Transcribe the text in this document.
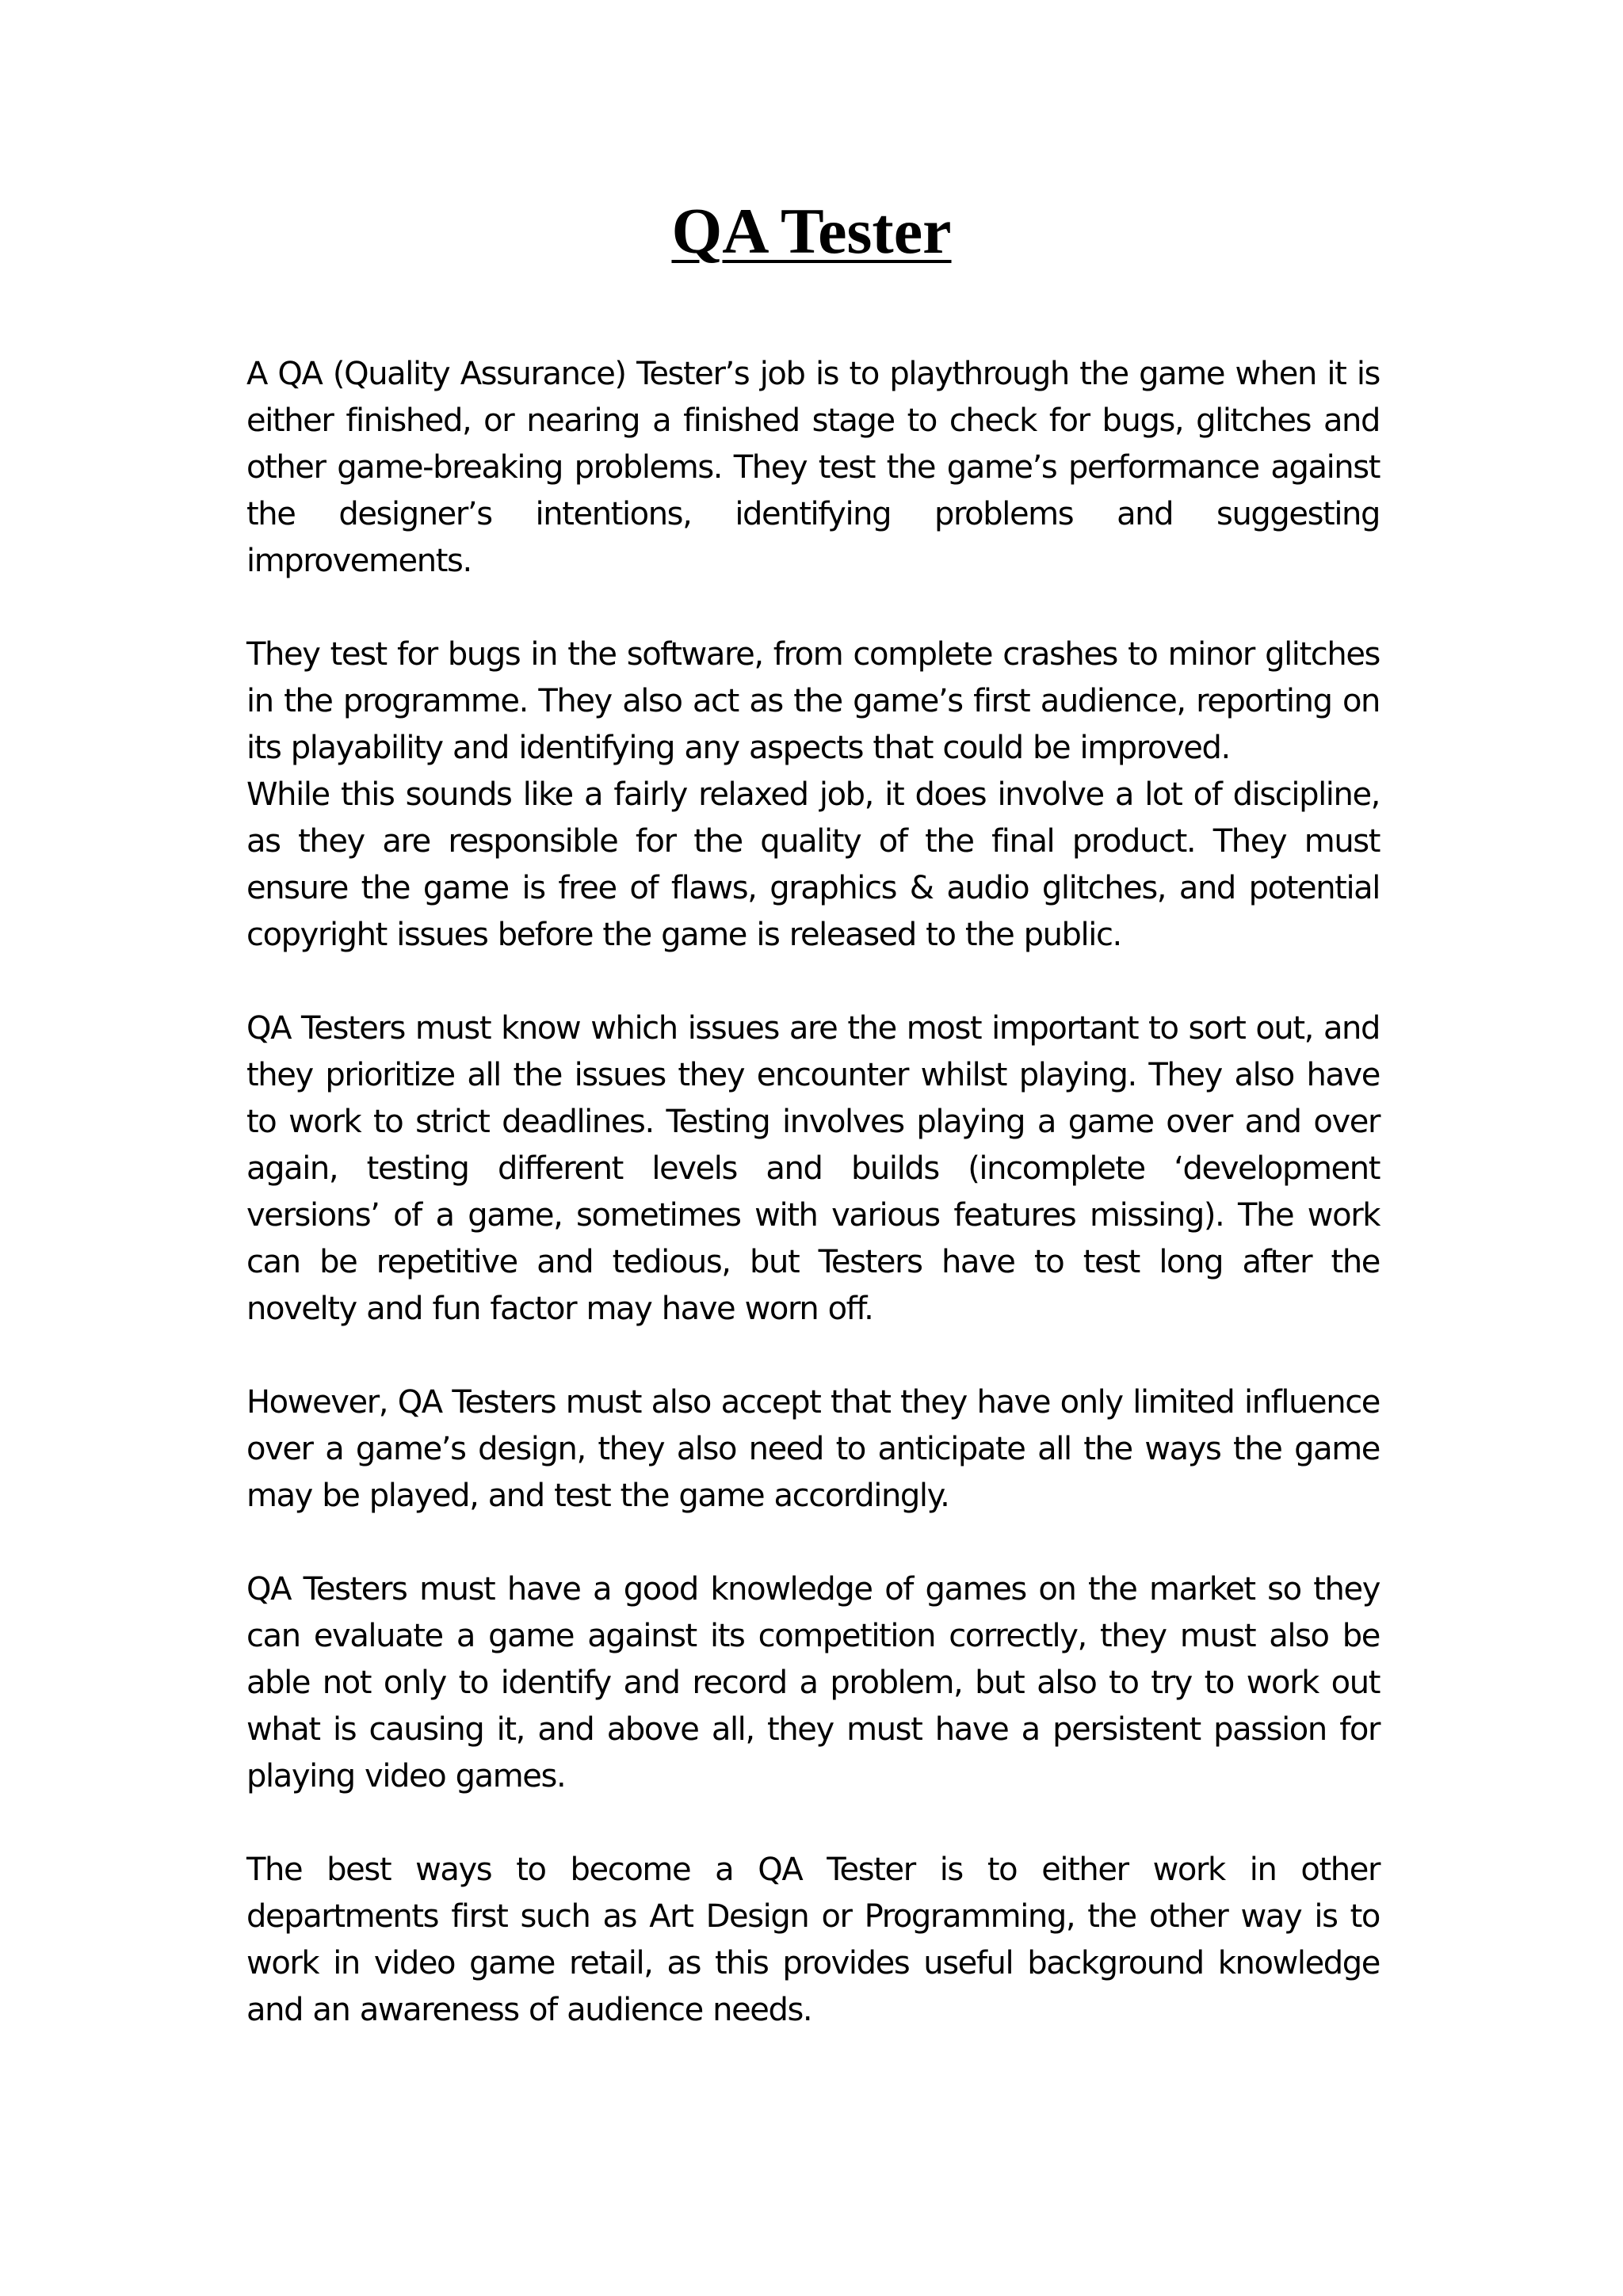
QA Tester

A QA (Quality Assurance) Tester’s job is to playthrough the game when it is either finished, or nearing a finished stage to check for bugs, glitches and other game-breaking problems. They test the game’s performance against the designer’s intentions, identifying problems and suggesting improvements.

They test for bugs in the software, from complete crashes to minor glitches in the programme. They also act as the game’s first audience, reporting on its playability and identifying any aspects that could be improved.

While this sounds like a fairly relaxed job, it does involve a lot of discipline, as they are responsible for the quality of the final product. They must ensure the game is free of flaws, graphics & audio glitches, and potential copyright issues before the game is released to the public.

QA Testers must know which issues are the most important to sort out, and they prioritize all the issues they encounter whilst playing. They also have to work to strict deadlines. Testing involves playing a game over and over again, testing different levels and builds (incomplete ‘development versions’ of a game, sometimes with various features missing). The work can be repetitive and tedious, but Testers have to test long after the novelty and fun factor may have worn off.

However, QA Testers must also accept that they have only limited influence over a game’s design, they also need to anticipate all the ways the game may be played, and test the game accordingly.

QA Testers must have a good knowledge of games on the market so they can evaluate a game against its competition correctly, they must also be able not only to identify and record a problem, but also to try to work out what is causing it, and above all, they must have a persistent passion for playing video games.

The best ways to become a QA Tester is to either work in other departments first such as Art Design or Programming, the other way is to work in video game retail, as this provides useful background knowledge and an awareness of audience needs.
